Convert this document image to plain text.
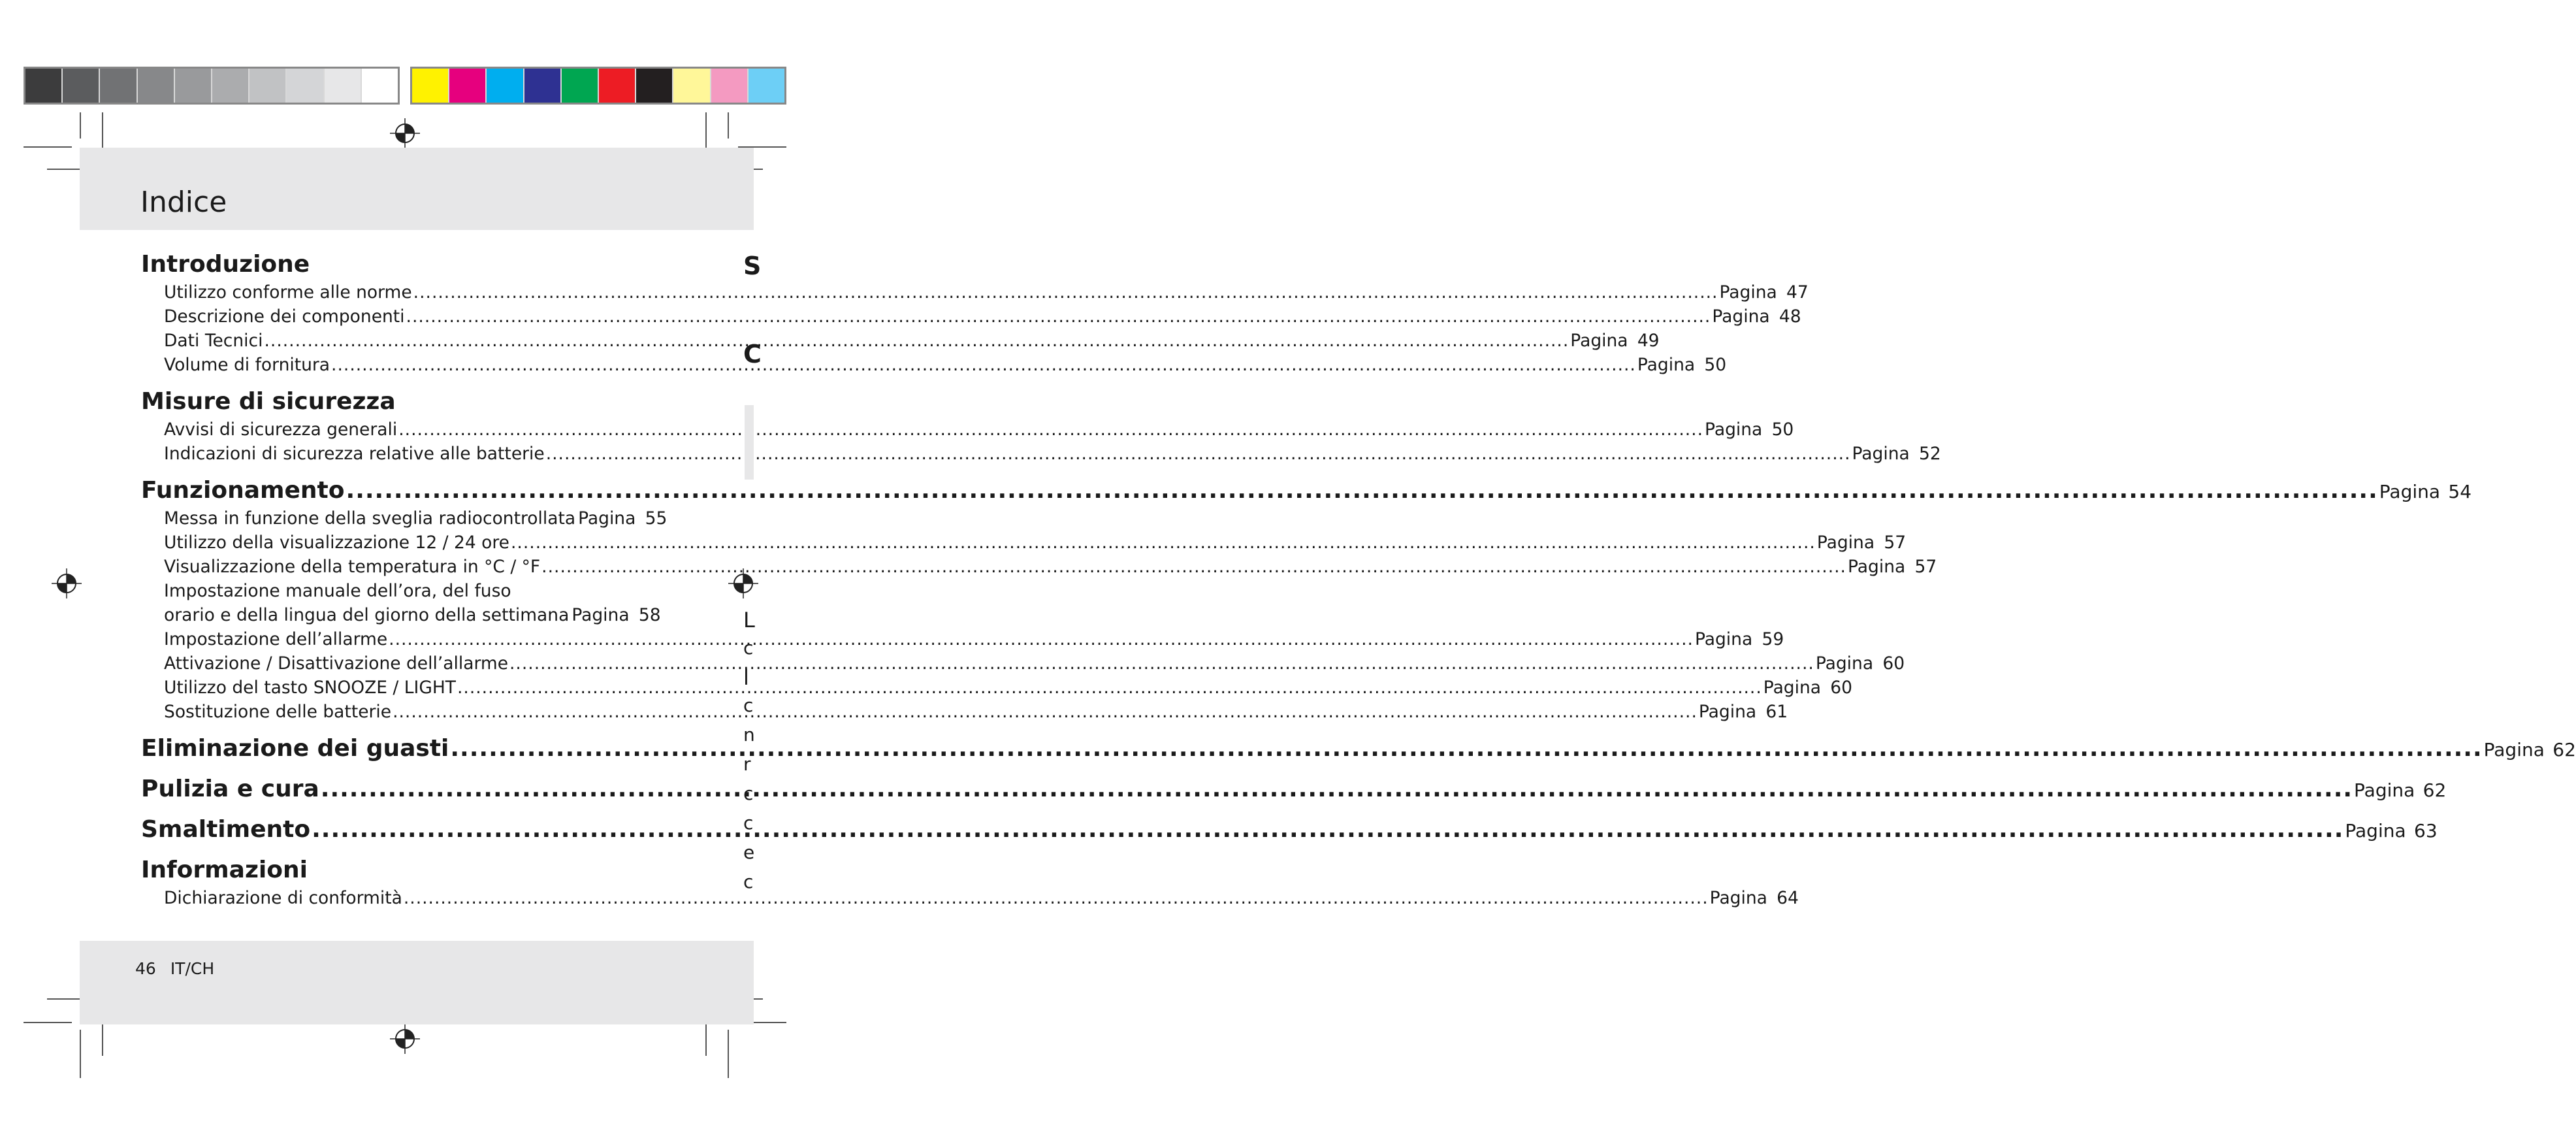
Indice
Introduzione
Utilizzo conforme alle norme .....	Pagina 47
Descrizione dei componenti .....	Pagina 48
Dati Tecnici .....	Pagina 49
Volume di fornitura .....	Pagina 50
Misure di sicurezza
Avvisi di sicurezza generali .....	Pagina 50
Indicazioni di sicurezza relative alle batterie .....	Pagina 52
Funzionamento .....	Pagina 54
Messa in funzione della sveglia radiocontrollata Pagina 55
Utilizzo della visualizzazione 12 / 24 ore .....	Pagina 57
Visualizzazione della temperatura in °C / °F .....	Pagina 57
Impostazione manuale dell’ora, del fuso
orario e della lingua del giorno della settimana Pagina 58
Impostazione dell’allarme .....	Pagina 59
Attivazione / Disattivazione dell’allarme .....	Pagina 60
Utilizzo del tasto SNOOZE / LIGHT .....	Pagina 60
Sostituzione delle batterie .....	Pagina 61
Eliminazione dei guasti .....	Pagina 62
Pulizia e cura .....	Pagina 62
Smaltimento .....	Pagina 63
Informazioni
Dichiarazione di conformità .....	Pagina 64
S
C
L
c
l
c
n
r
c
c
e
c
46 IT/CH
